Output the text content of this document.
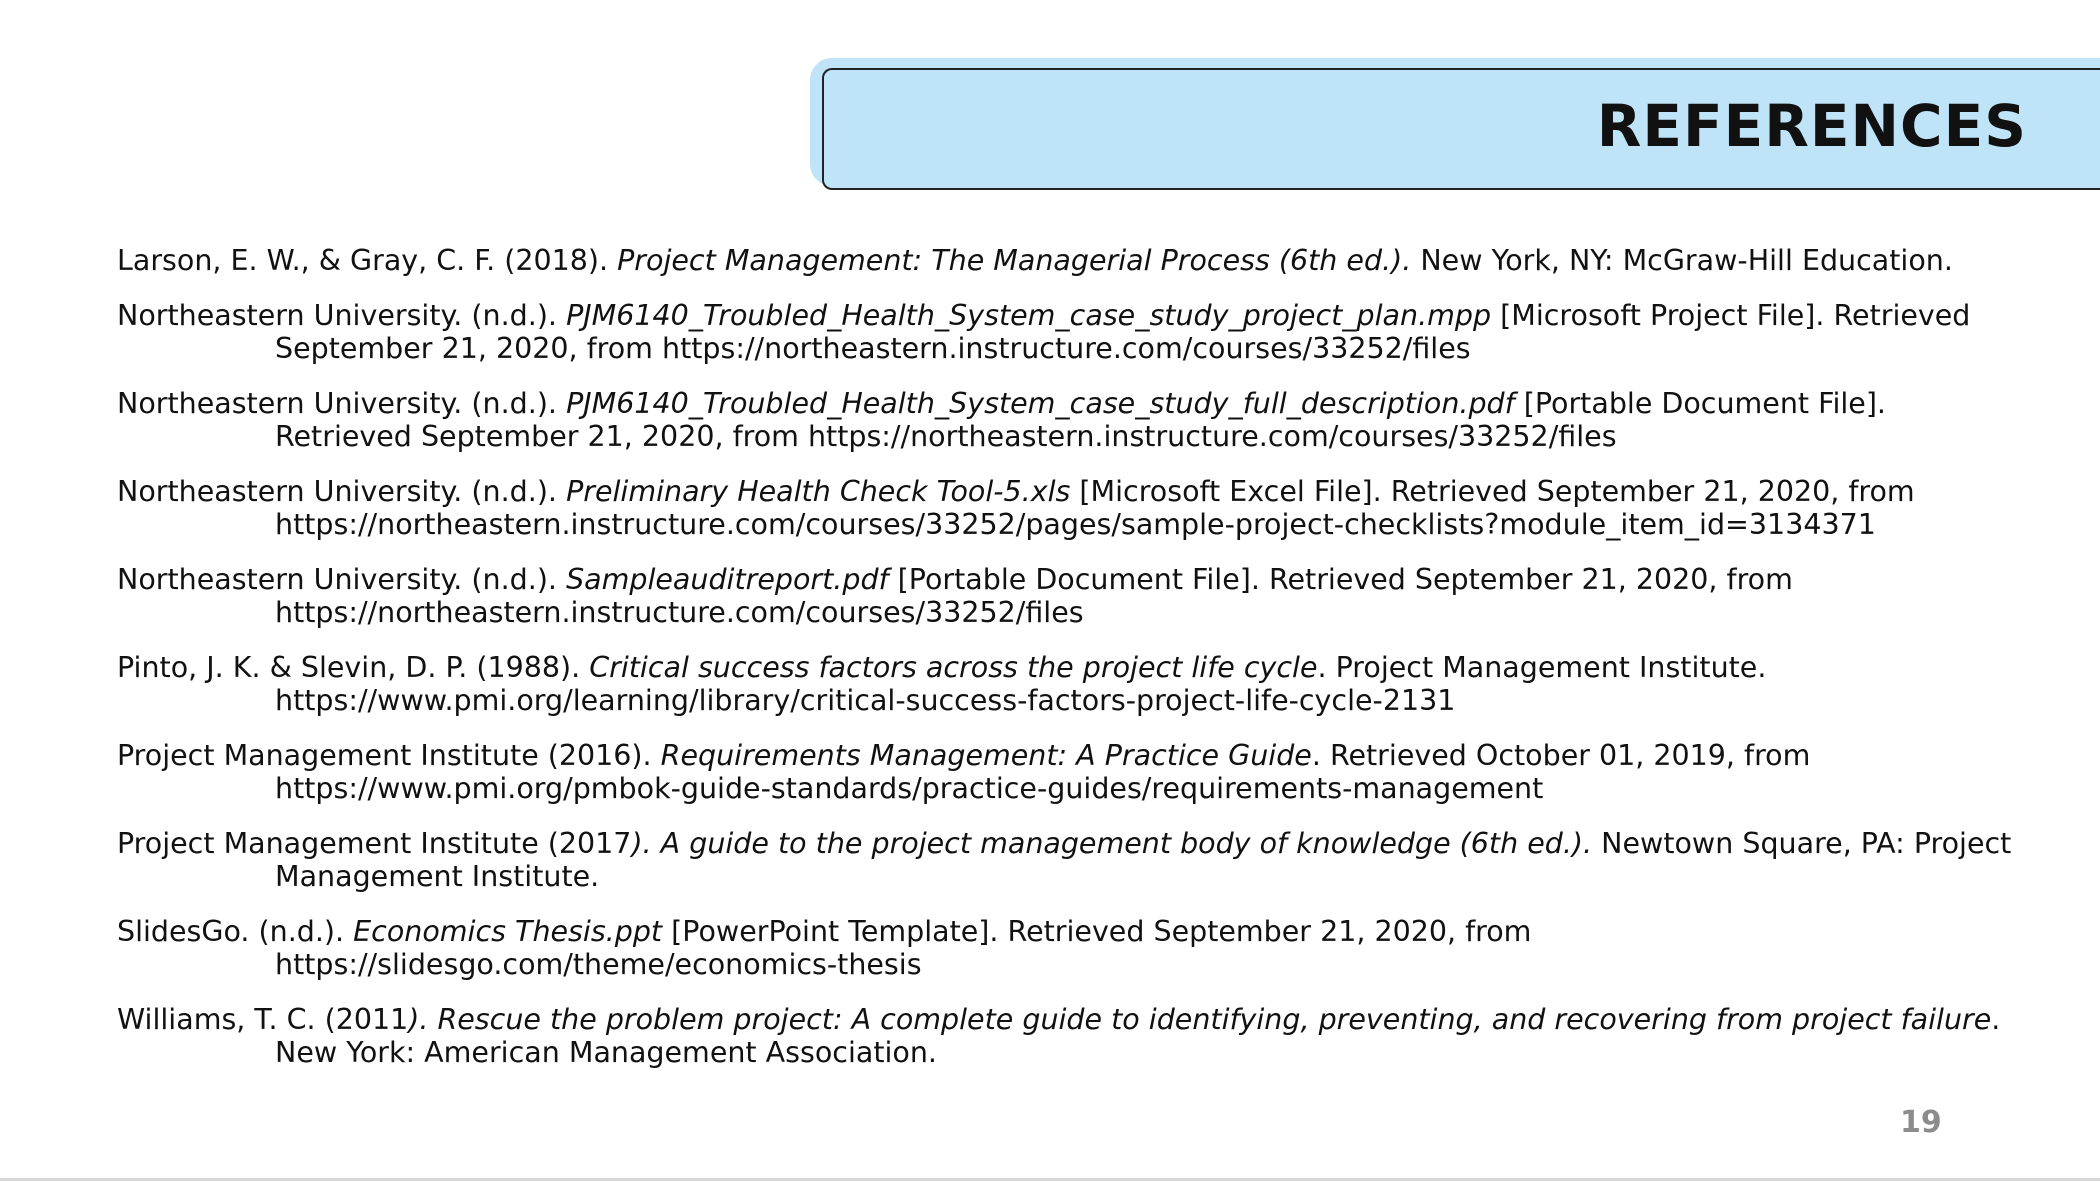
REFERENCES

Larson, E. W., & Gray, C. F. (2018). Project Management: The Managerial Process (6th ed.). New York, NY: McGraw-Hill Education.

Northeastern University. (n.d.). PJM6140_Troubled_Health_System_case_study_project_plan.mpp [Microsoft Project File]. Retrieved September 21, 2020, from https://northeastern.instructure.com/courses/33252/files

Northeastern University. (n.d.). PJM6140_Troubled_Health_System_case_study_full_description.pdf [Portable Document File]. Retrieved September 21, 2020, from https://northeastern.instructure.com/courses/33252/files

Northeastern University. (n.d.). Preliminary Health Check Tool-5.xls [Microsoft Excel File]. Retrieved September 21, 2020, from https://northeastern.instructure.com/courses/33252/pages/sample-project-checklists?module_item_id=3134371

Northeastern University. (n.d.). Sampleauditreport.pdf [Portable Document File]. Retrieved September 21, 2020, from https://northeastern.instructure.com/courses/33252/files

Pinto, J. K. & Slevin, D. P. (1988). Critical success factors across the project life cycle. Project Management Institute. https://www.pmi.org/learning/library/critical-success-factors-project-life-cycle-2131

Project Management Institute (2016). Requirements Management: A Practice Guide. Retrieved October 01, 2019, from https://www.pmi.org/pmbok-guide-standards/practice-guides/requirements-management

Project Management Institute (2017). A guide to the project management body of knowledge (6th ed.). Newtown Square, PA: Project Management Institute.

SlidesGo. (n.d.). Economics Thesis.ppt [PowerPoint Template]. Retrieved September 21, 2020, from https://slidesgo.com/theme/economics-thesis

Williams, T. C. (2011). Rescue the problem project: A complete guide to identifying, preventing, and recovering from project failure. New York: American Management Association.

19
